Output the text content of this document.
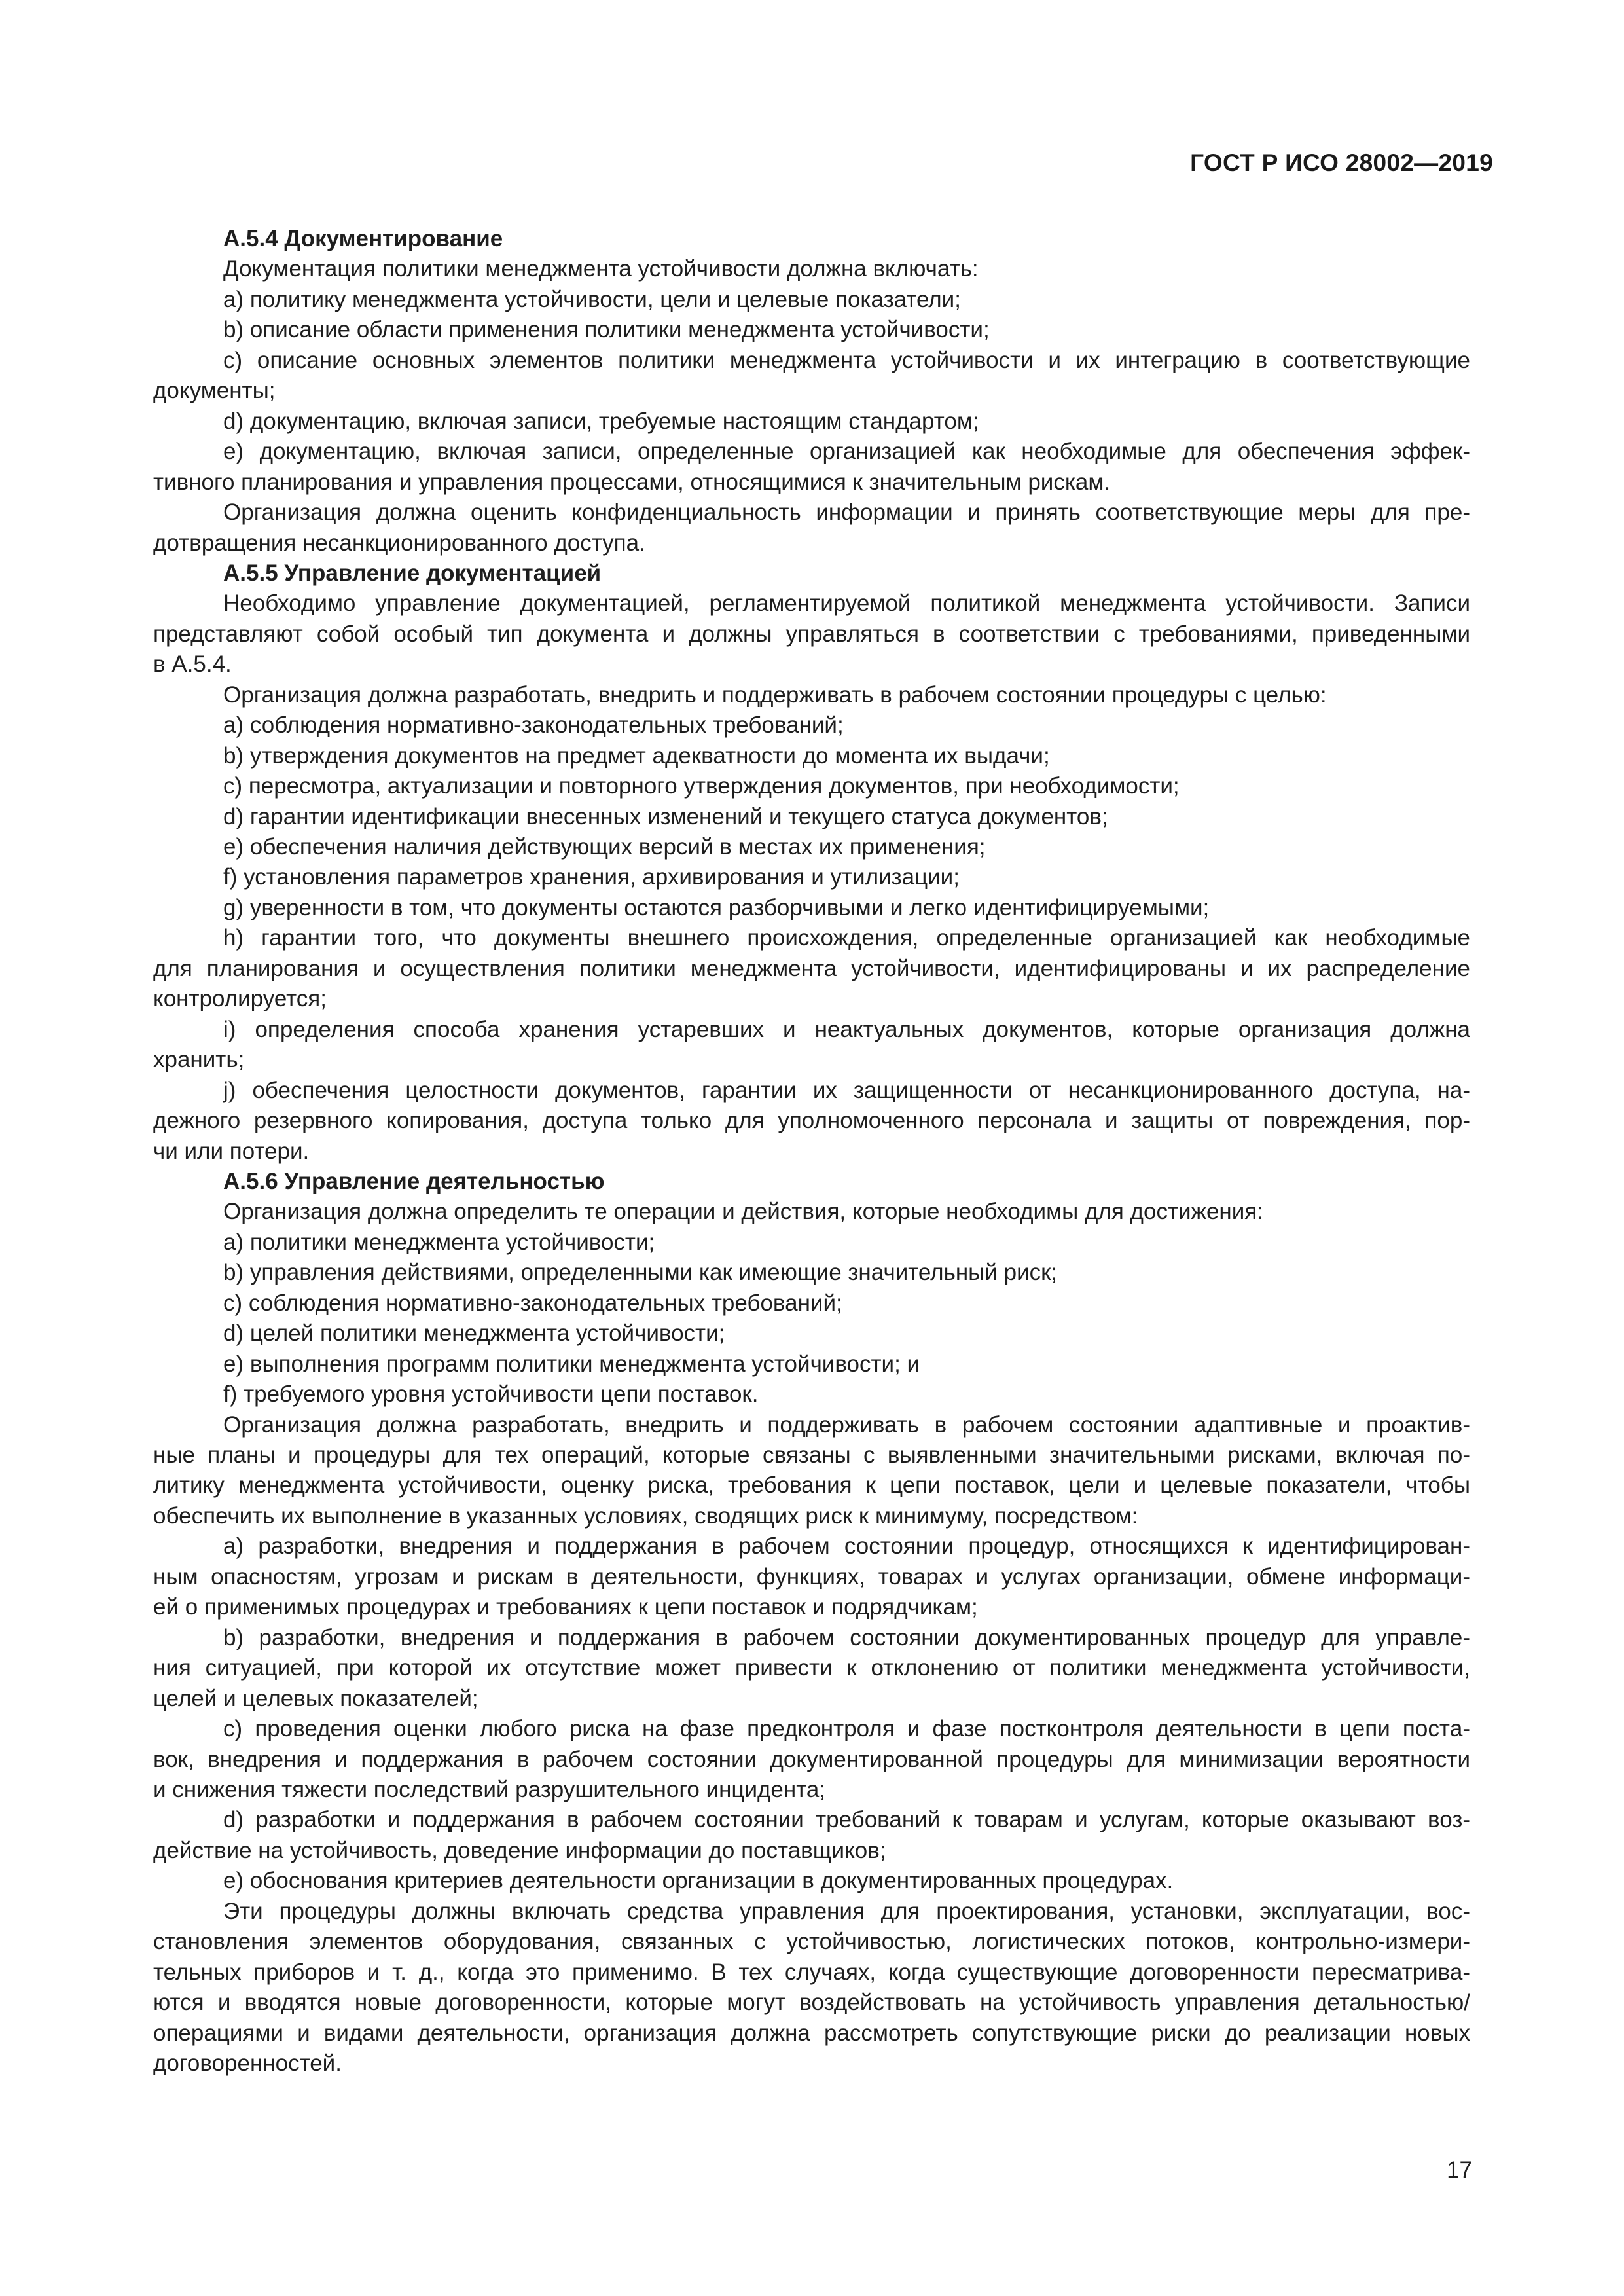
ГОСТ Р ИСО 28002—2019
А.5.4 Документирование
Документация политики менеджмента устойчивости должна включать:
а) политику менеджмента устойчивости, цели и целевые показатели;
b) описание области применения политики менеджмента устойчивости;
с) описание основных элементов политики менеджмента устойчивости и их интеграцию в соответствующие
документы;
d) документацию, включая записи, требуемые настоящим стандартом;
е) документацию, включая записи, определенные организацией как необходимые для обеспечения эффек-
тивного планирования и управления процессами, относящимися к значительным рискам.
Организация должна оценить конфиденциальность информации и принять соответствующие меры для пре-
дотвращения несанкционированного доступа.
А.5.5 Управление документацией
Необходимо управление документацией, регламентируемой политикой менеджмента устойчивости. Записи
представляют собой особый тип документа и должны управляться в соответствии с требованиями, приведенными
в А.5.4.
Организация должна разработать, внедрить и поддерживать в рабочем состоянии процедуры с целью:
а) соблюдения нормативно-законодательных требований;
b) утверждения документов на предмет адекватности до момента их выдачи;
с) пересмотра, актуализации и повторного утверждения документов, при необходимости;
d) гарантии идентификации внесенных изменений и текущего статуса документов;
е) обеспечения наличия действующих версий в местах их применения;
f) установления параметров хранения, архивирования и утилизации;
g) уверенности в том, что документы остаются разборчивыми и легко идентифицируемыми;
h) гарантии того, что документы внешнего происхождения, определенные организацией как необходимые
для планирования и осуществления политики менеджмента устойчивости, идентифицированы и их распределение
контролируется;
i) определения способа хранения устаревших и неактуальных документов, которые организация должна
хранить;
j) обеспечения целостности документов, гарантии их защищенности от несанкционированного доступа, на-
дежного резервного копирования, доступа только для уполномоченного персонала и защиты от повреждения, пор-
чи или потери.
А.5.6 Управление деятельностью
Организация должна определить те операции и действия, которые необходимы для достижения:
а) политики менеджмента устойчивости;
b) управления действиями, определенными как имеющие значительный риск;
с) соблюдения нормативно-законодательных требований;
d) целей политики менеджмента устойчивости;
е) выполнения программ политики менеджмента устойчивости; и
f) требуемого уровня устойчивости цепи поставок.
Организация должна разработать, внедрить и поддерживать в рабочем состоянии адаптивные и проактив-
ные планы и процедуры для тех операций, которые связаны с выявленными значительными рисками, включая по-
литику менеджмента устойчивости, оценку риска, требования к цепи поставок, цели и целевые показатели, чтобы
обеспечить их выполнение в указанных условиях, сводящих риск к минимуму, посредством:
а) разработки, внедрения и поддержания в рабочем состоянии процедур, относящихся к идентифицирован-
ным опасностям, угрозам и рискам в деятельности, функциях, товарах и услугах организации, обмене информаци-
ей о применимых процедурах и требованиях к цепи поставок и подрядчикам;
b) разработки, внедрения и поддержания в рабочем состоянии документированных процедур для управле-
ния ситуацией, при которой их отсутствие может привести к отклонению от политики менеджмента устойчивости,
целей и целевых показателей;
с) проведения оценки любого риска на фазе предконтроля и фазе постконтроля деятельности в цепи постa-
вок, внедрения и поддержания в рабочем состоянии документированной процедуры для минимизации вероятности
и снижения тяжести последствий разрушительного инцидента;
d) разработки и поддержания в рабочем состоянии требований к товарам и услугам, которые оказывают воз-
действие на устойчивость, доведение информации до поставщиков;
е) обоснования критериев деятельности организации в документированных процедурах.
Эти процедуры должны включать средства управления для проектирования, установки, эксплуатации, вос-
становления элементов оборудования, связанных с устойчивостью, логистических потоков, контрольно-измери-
тельных приборов и т. д., когда это применимо. В тех случаях, когда существующие договоренности пересматрива-
ются и вводятся новые договоренности, которые могут воздействовать на устойчивость управления детальностью/
операциями и видами деятельности, организация должна рассмотреть сопутствующие риски до реализации новых
договоренностей.
17
